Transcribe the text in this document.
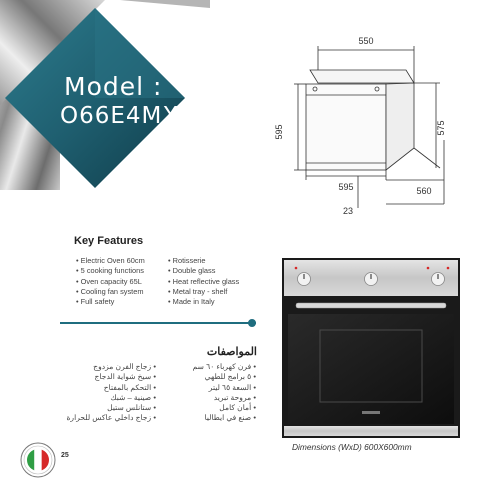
Model :
O66E4MX
550
595	575
595	560
23
Key Features
• Electric Oven 60cm
• 5 cooking functions
• Oven capacity 65L
• Cooling fan system
• Full safety
• Rotisserie
• Double glass
• Heat reflective glass
• Metal tray - shelf
• Made in Italy
المواصفات
• فرن كهرباء ٦٠ سم
• ٥ برامج للطهي
• السعة ٦٥ ليتر
• مروحة تبريد
• أمان كامل
• صنع في ايطاليا
• زجاج الفرن مزدوج
• سيخ شواية الدجاج
• التحكم بالمفتاح
• صينية – شبك
• ستانلس ستيل
• زجاج داخلي عاكس للحرارة
Dimensions (WxD) 600X600mm
25
